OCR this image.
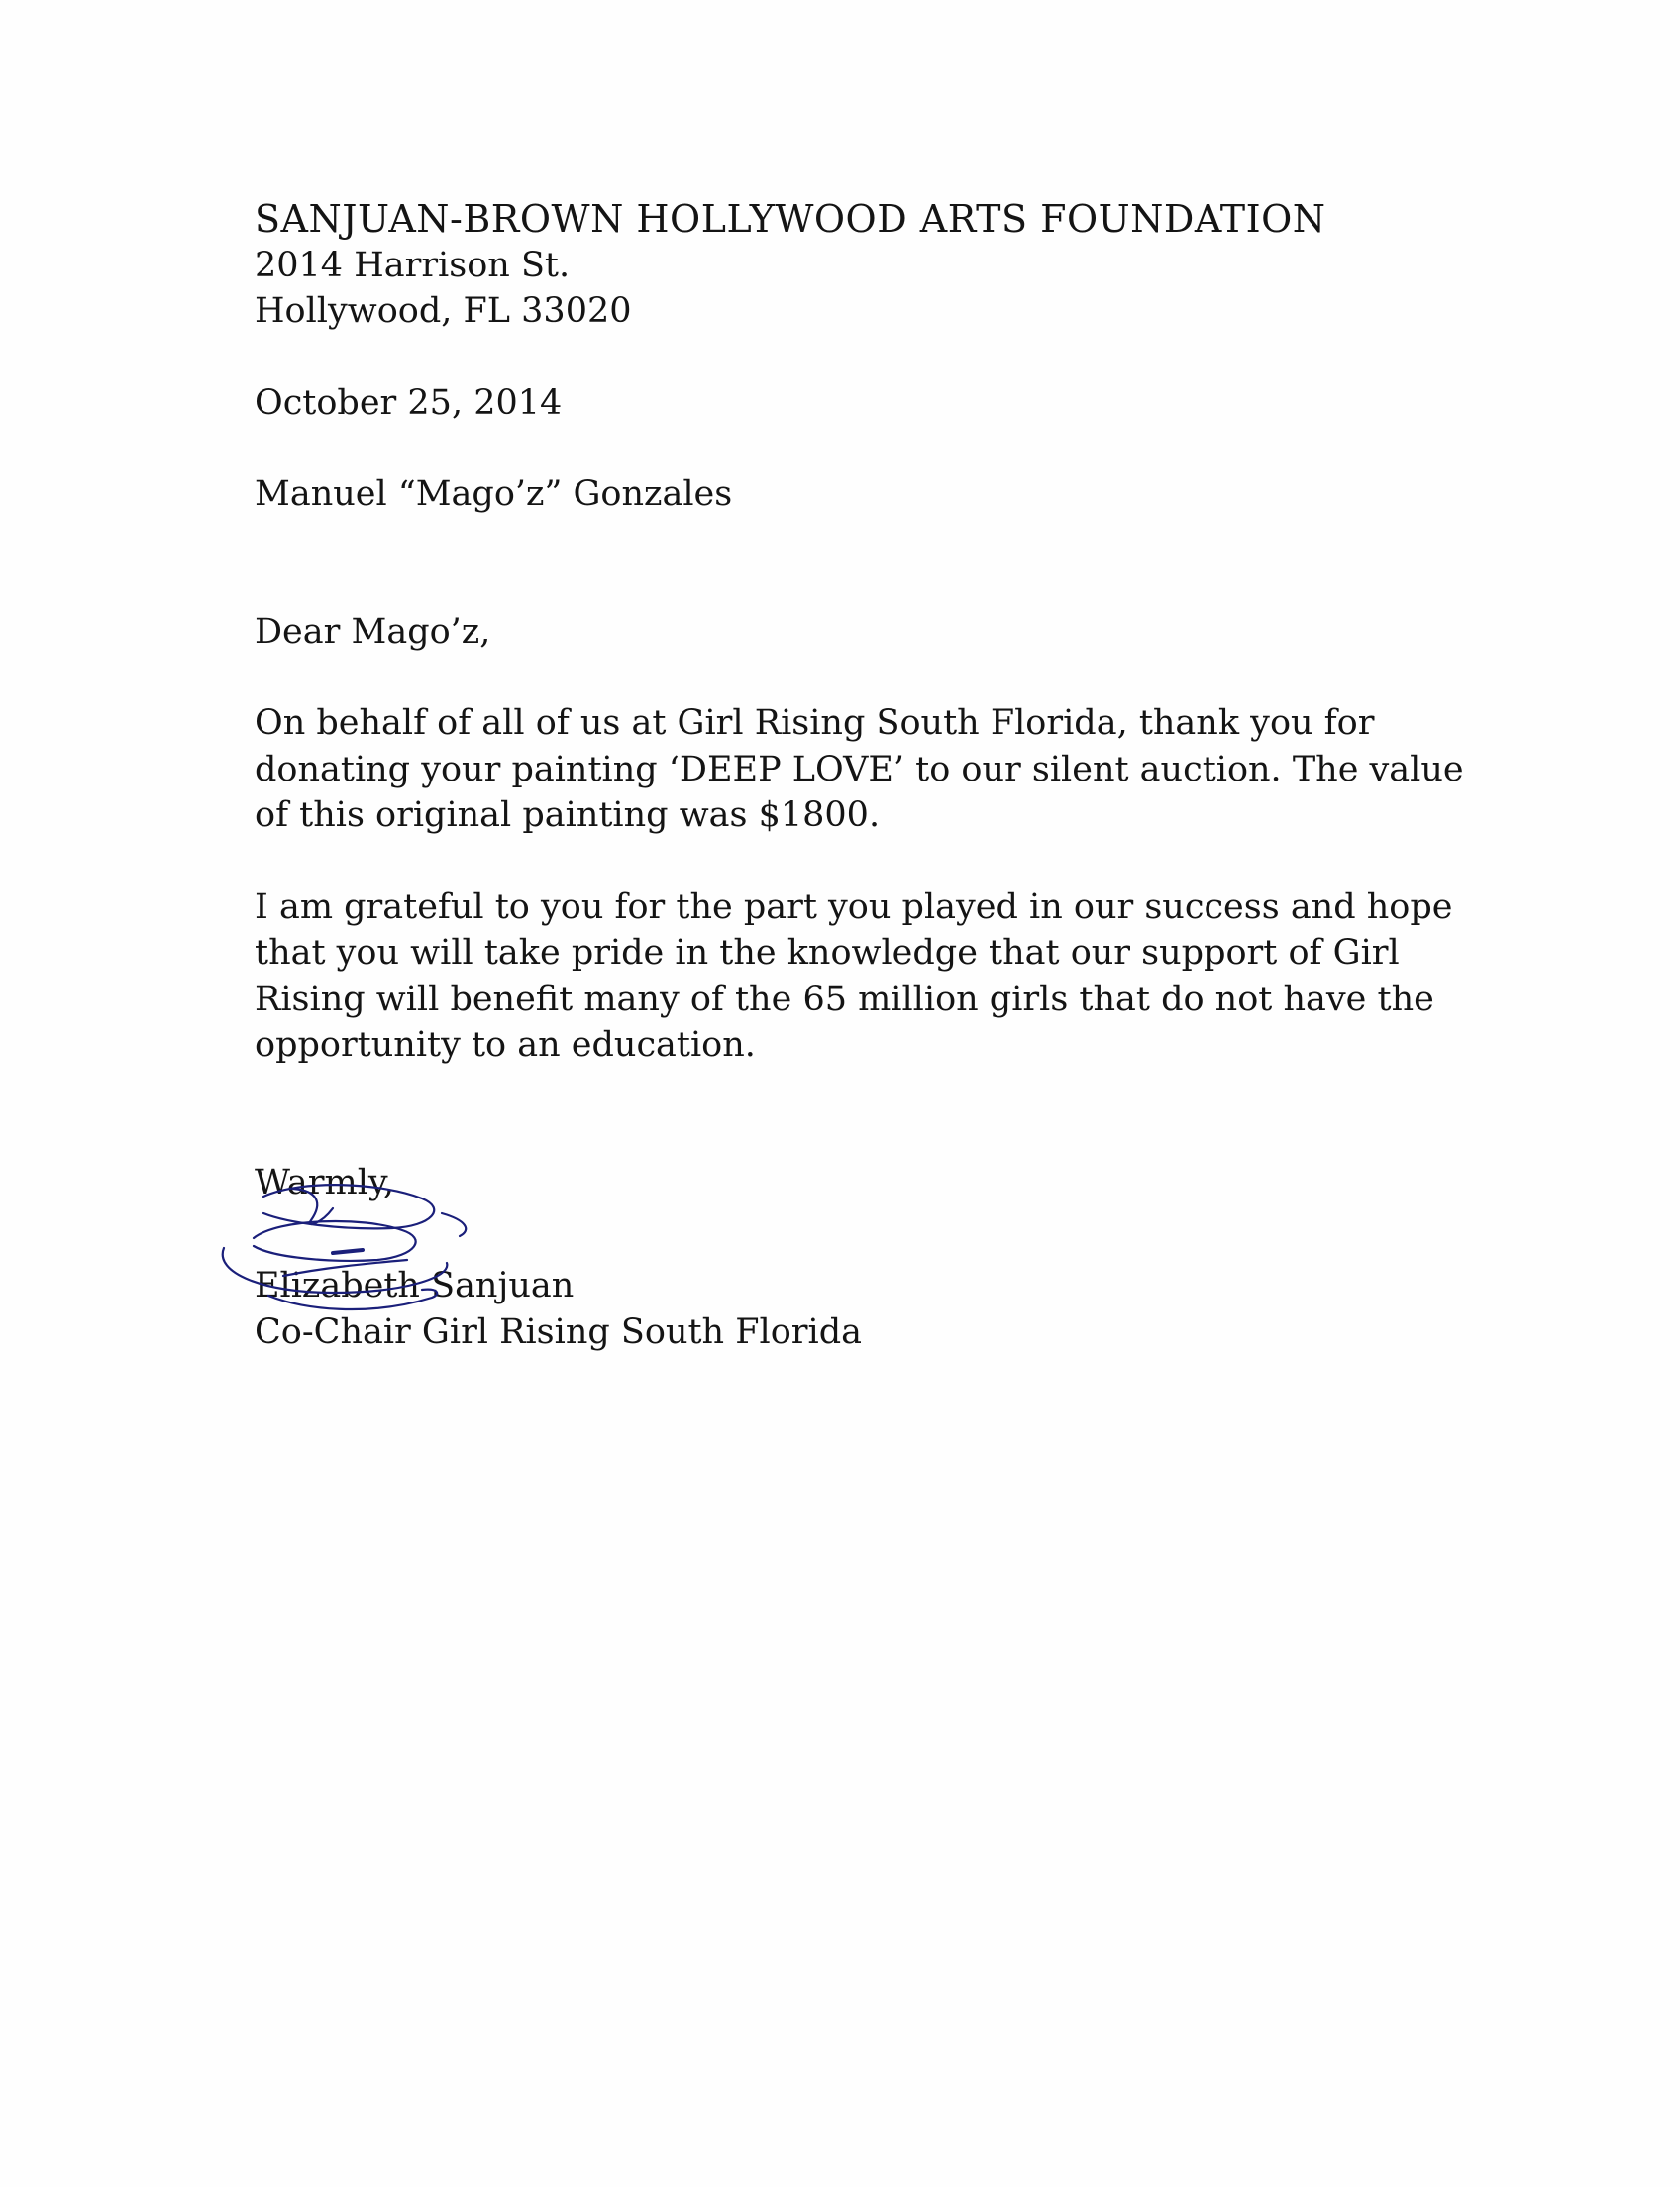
SANJUAN-BROWN HOLLYWOOD ARTS FOUNDATION
2014 Harrison St.
Hollywood, FL 33020
October 25, 2014
Manuel “Mago’z” Gonzales
Dear Mago’z,
On behalf of all of us at Girl Rising South Florida, thank you for donating your painting ‘DEEP LOVE’ to our silent auction. The value of this original painting was $1800.
I am grateful to you for the part you played in our success and hope that you will take pride in the knowledge that our support of Girl Rising will benefit many of the 65 million girls that do not have the opportunity to an education.
Warmly,
Elizabeth Sanjuan
Co-Chair Girl Rising South Florida
